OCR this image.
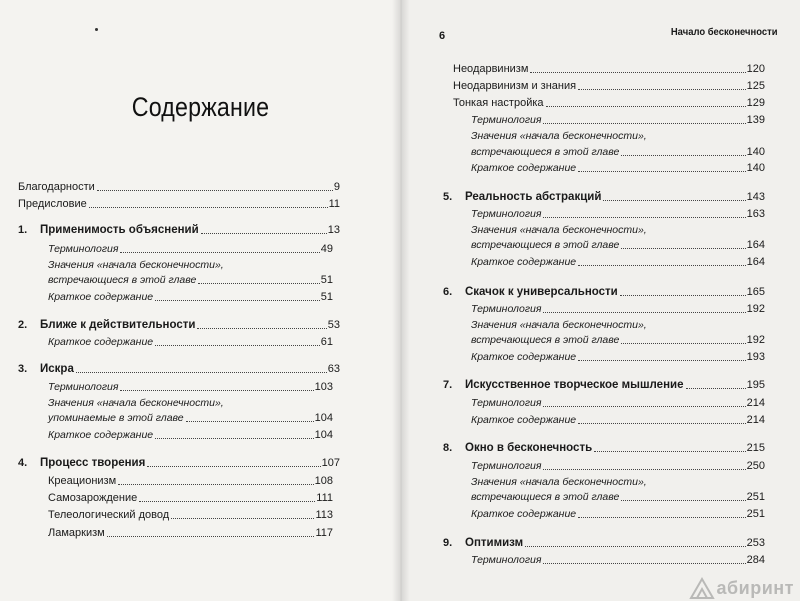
Содержание
Благодарности	9
Предисловие	11
1.	Применимость объяснений	13
Терминология	49
Значения «начала бесконечности»,
встречающиеся в этой главе	51
Краткое содержание	51
2.	Ближе к действительности	53
Краткое содержание	61
3.	Искра	63
Терминология	103
Значения «начала бесконечности»,
упоминаемые в этой главе	104
Краткое содержание	104
4.	Процесс творения	107
Креационизм	108
Самозарождение	111
Телеологический довод	113
Ламаркизм	117
6	Начало бесконечности
Неодарвинизм	120
Неодарвинизм и знания	125
Тонкая настройка	129
Терминология	139
Значения «начала бесконечности»,
встречающиеся в этой главе	140
Краткое содержание	140
5.	Реальность абстракций	143
Терминология	163
Значения «начала бесконечности»,
встречающиеся в этой главе	164
Краткое содержание	164
6.	Скачок к универсальности	165
Терминология	192
Значения «начала бесконечности»,
встречающиеся в этой главе	192
Краткое содержание	193
7.	Искусственное творческое мышление	195
Терминология	214
Краткое содержание	214
8.	Окно в бесконечность	215
Терминология	250
Значения «начала бесконечности»,
встречающиеся в этой главе	251
Краткое содержание	251
9.	Оптимизм	253
Терминология	284
абиринт
